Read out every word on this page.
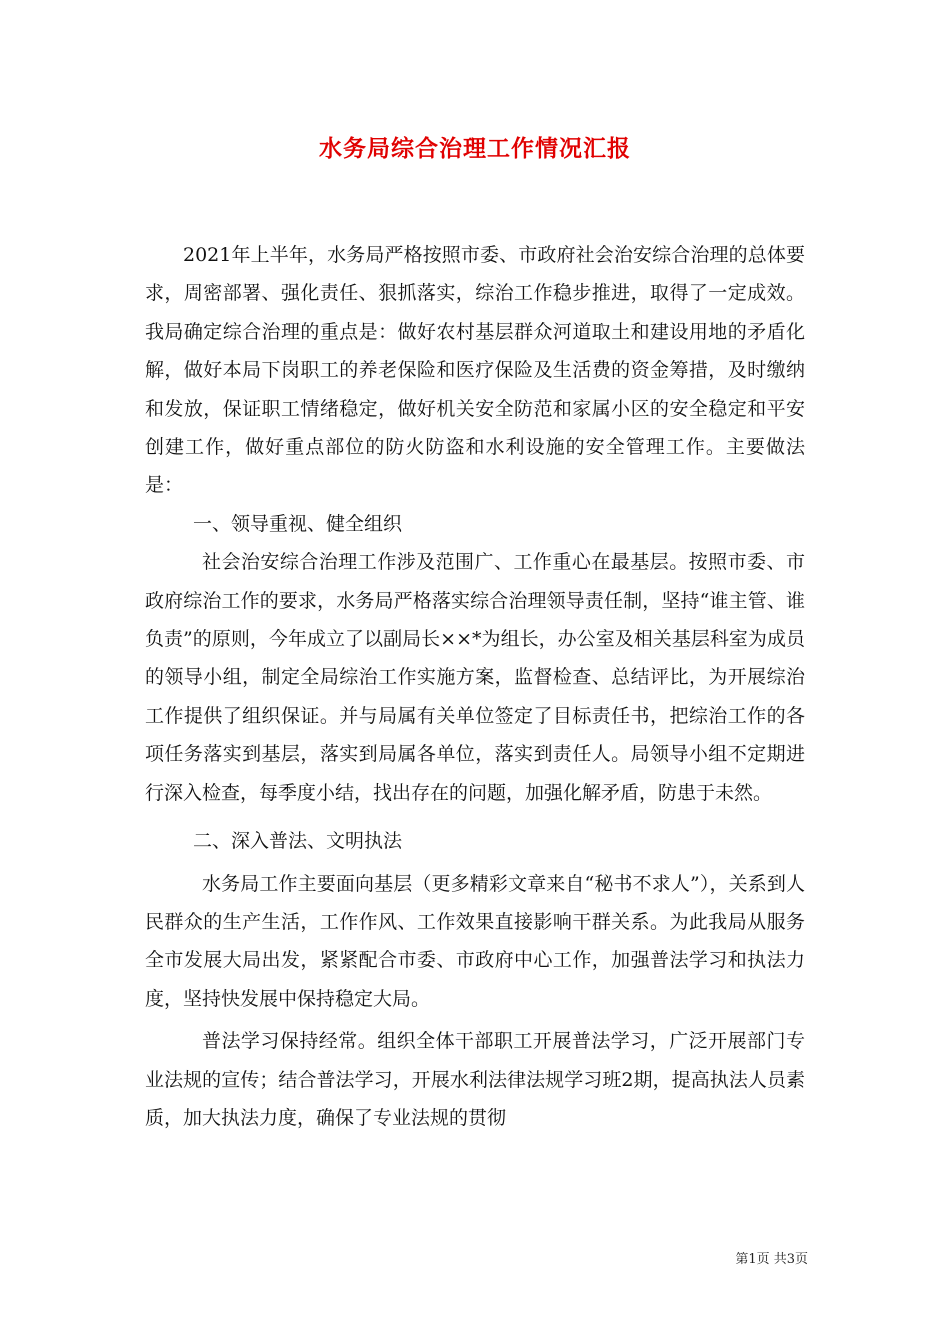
水务局综合治理工作情况汇报

2021年上半年，水务局严格按照市委、市政府社会治安综合治理的总体要求，周密部署、强化责任、狠抓落实，综治工作稳步推进，取得了一定成效。我局确定综合治理的重点是：做好农村基层群众河道取土和建设用地的矛盾化解，做好本局下岗职工的养老保险和医疗保险及生活费的资金筹措，及时缴纳和发放，保证职工情绪稳定，做好机关安全防范和家属小区的安全稳定和平安创建工作，做好重点部位的防火防盗和水利设施的安全管理工作。主要做法是：

一、领导重视、健全组织

社会治安综合治理工作涉及范围广、工作重心在最基层。按照市委、市政府综治工作的要求，水务局严格落实综合治理领导责任制，坚持“谁主管、谁负责”的原则，今年成立了以副局长××*为组长，办公室及相关基层科室为成员的领导小组，制定全局综治工作实施方案，监督检查、总结评比，为开展综治工作提供了组织保证。并与局属有关单位签定了目标责任书，把综治工作的各项任务落实到基层，落实到局属各单位，落实到责任人。局领导小组不定期进行深入检查，每季度小结，找出存在的问题，加强化解矛盾，防患于未然。

二、深入普法、文明执法

水务局工作主要面向基层（更多精彩文章来自“秘书不求人”），关系到人民群众的生产生活，工作作风、工作效果直接影响干群关系。为此我局从服务全市发展大局出发，紧紧配合市委、市政府中心工作，加强普法学习和执法力度，坚持快发展中保持稳定大局。

普法学习保持经常。组织全体干部职工开展普法学习，广泛开展部门专业法规的宣传；结合普法学习，开展水利法律法规学习班2期，提高执法人员素质，加大执法力度，确保了专业法规的贯彻

第1页 共3页
